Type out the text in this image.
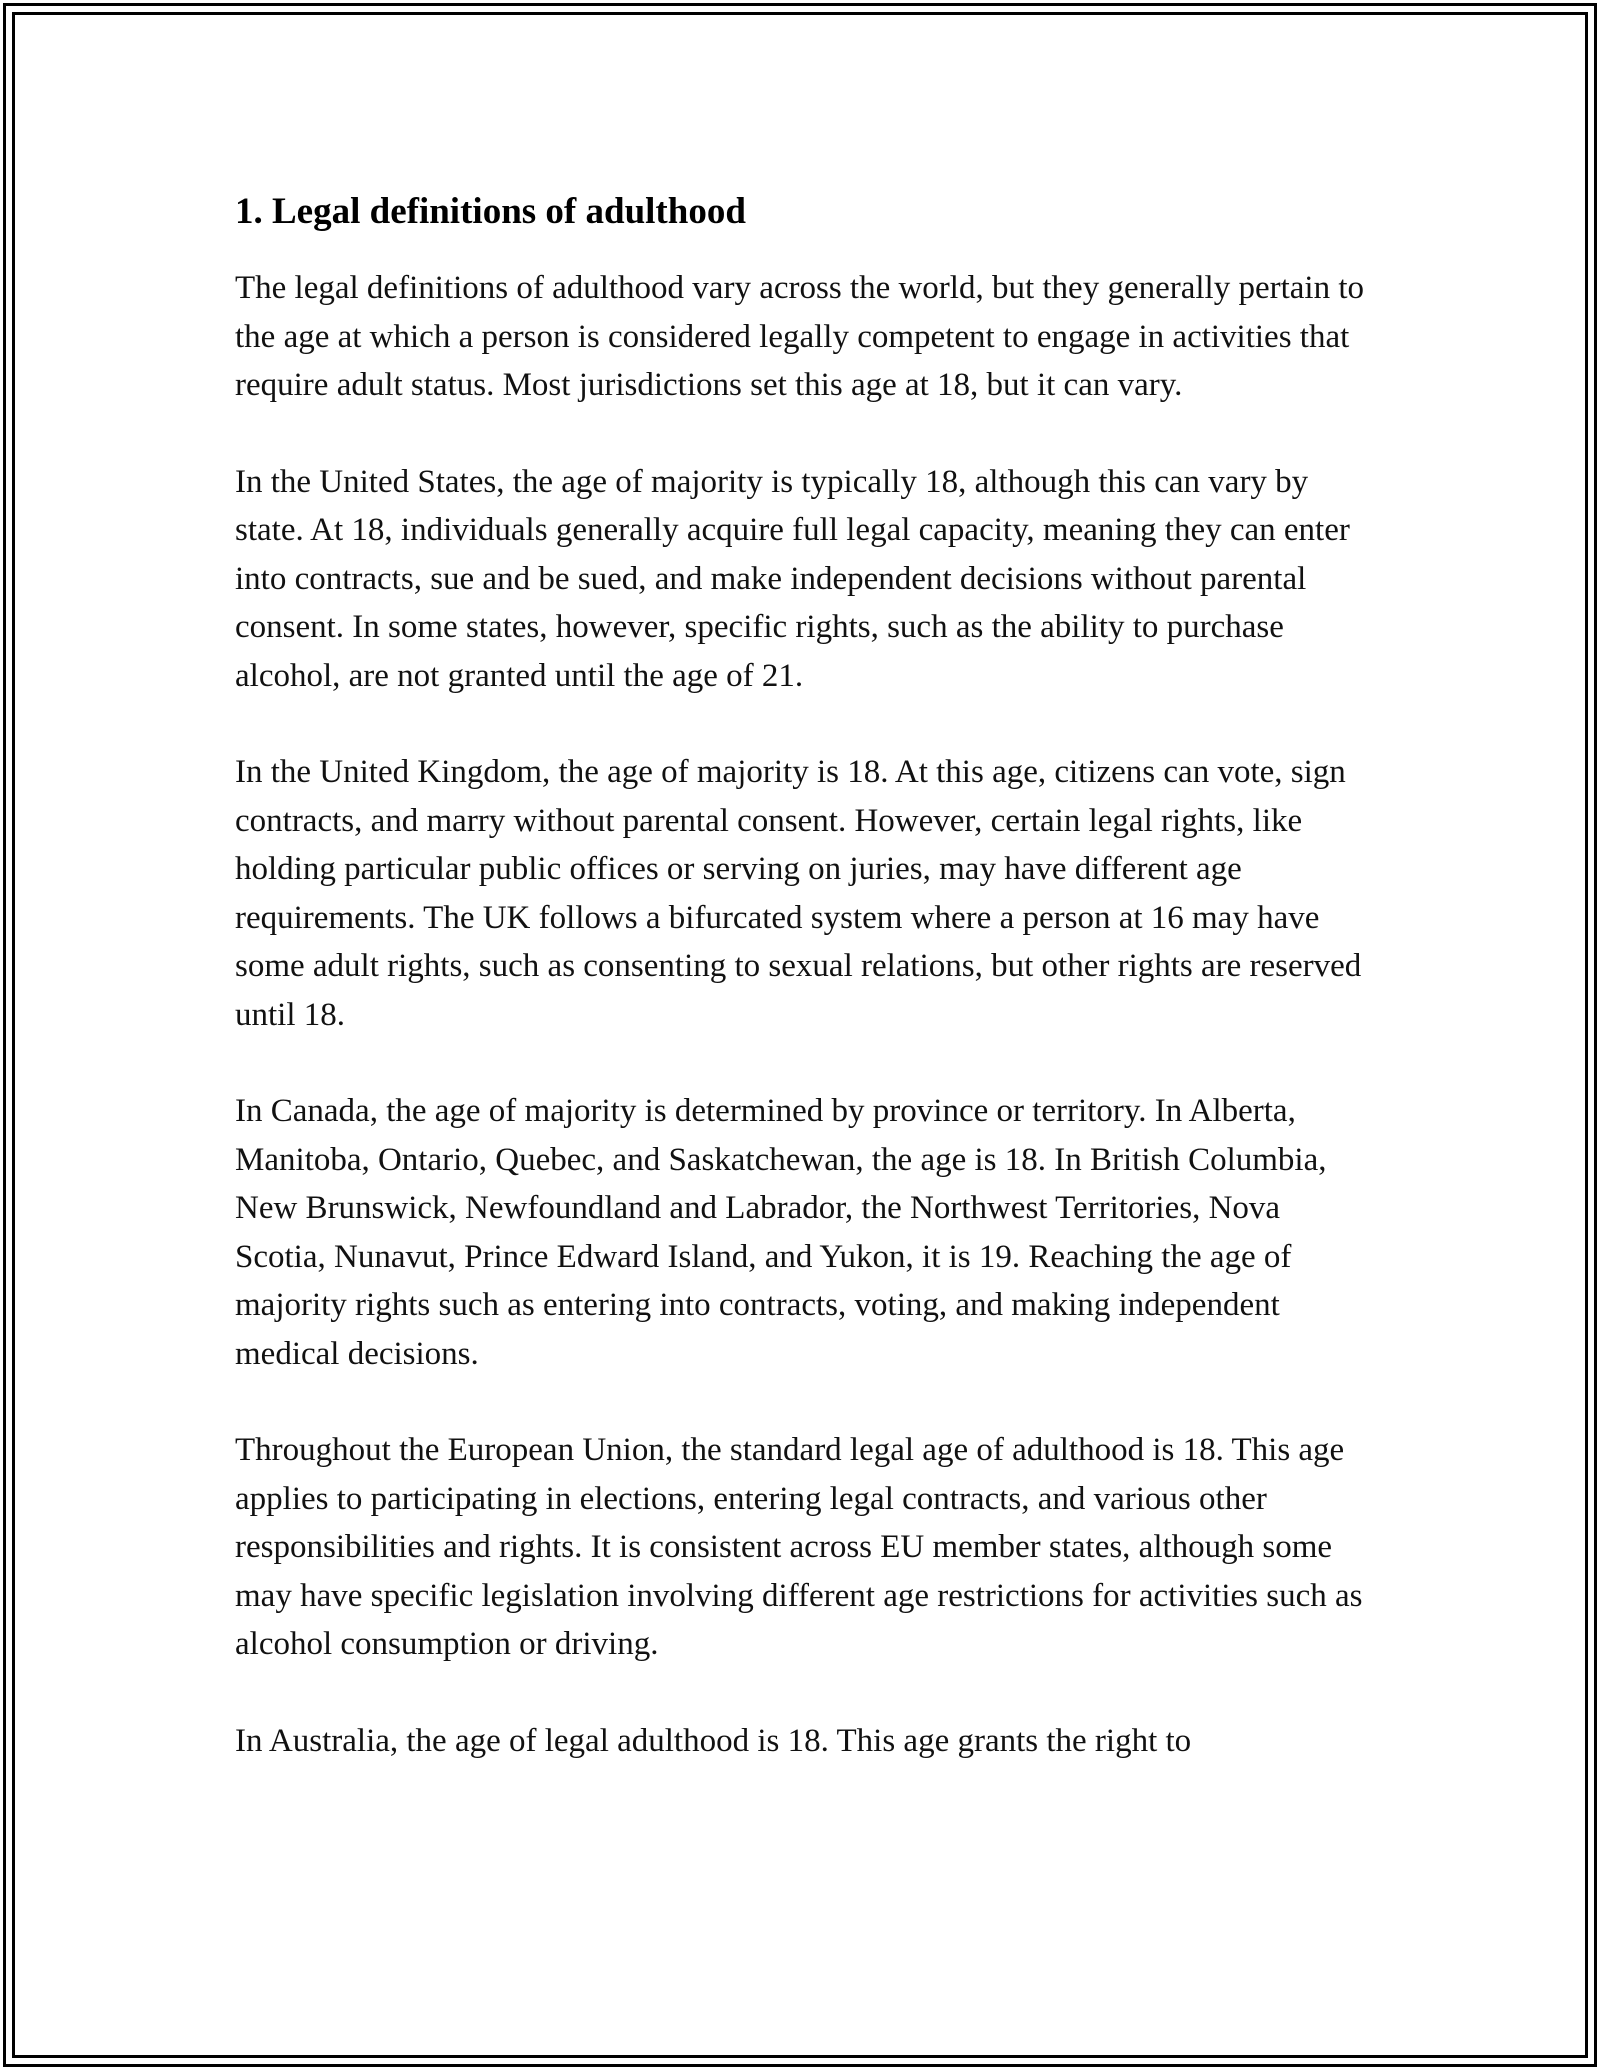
1. Legal definitions of adulthood

The legal definitions of adulthood vary across the world, but they generally pertain to the age at which a person is considered legally competent to engage in activities that require adult status. Most jurisdictions set this age at 18, but it can vary.

In the United States, the age of majority is typically 18, although this can vary by state. At 18, individuals generally acquire full legal capacity, meaning they can enter into contracts, sue and be sued, and make independent decisions without parental consent. In some states, however, specific rights, such as the ability to purchase alcohol, are not granted until the age of 21.

In the United Kingdom, the age of majority is 18. At this age, citizens can vote, sign contracts, and marry without parental consent. However, certain legal rights, like holding particular public offices or serving on juries, may have different age requirements. The UK follows a bifurcated system where a person at 16 may have some adult rights, such as consenting to sexual relations, but other rights are reserved until 18.

In Canada, the age of majority is determined by province or territory. In Alberta, Manitoba, Ontario, Quebec, and Saskatchewan, the age is 18. In British Columbia, New Brunswick, Newfoundland and Labrador, the Northwest Territories, Nova Scotia, Nunavut, Prince Edward Island, and Yukon, it is 19. Reaching the age of majority rights such as entering into contracts, voting, and making independent medical decisions.

Throughout the European Union, the standard legal age of adulthood is 18. This age applies to participating in elections, entering legal contracts, and various other responsibilities and rights. It is consistent across EU member states, although some may have specific legislation involving different age restrictions for activities such as alcohol consumption or driving.

In Australia, the age of legal adulthood is 18. This age grants the right to
